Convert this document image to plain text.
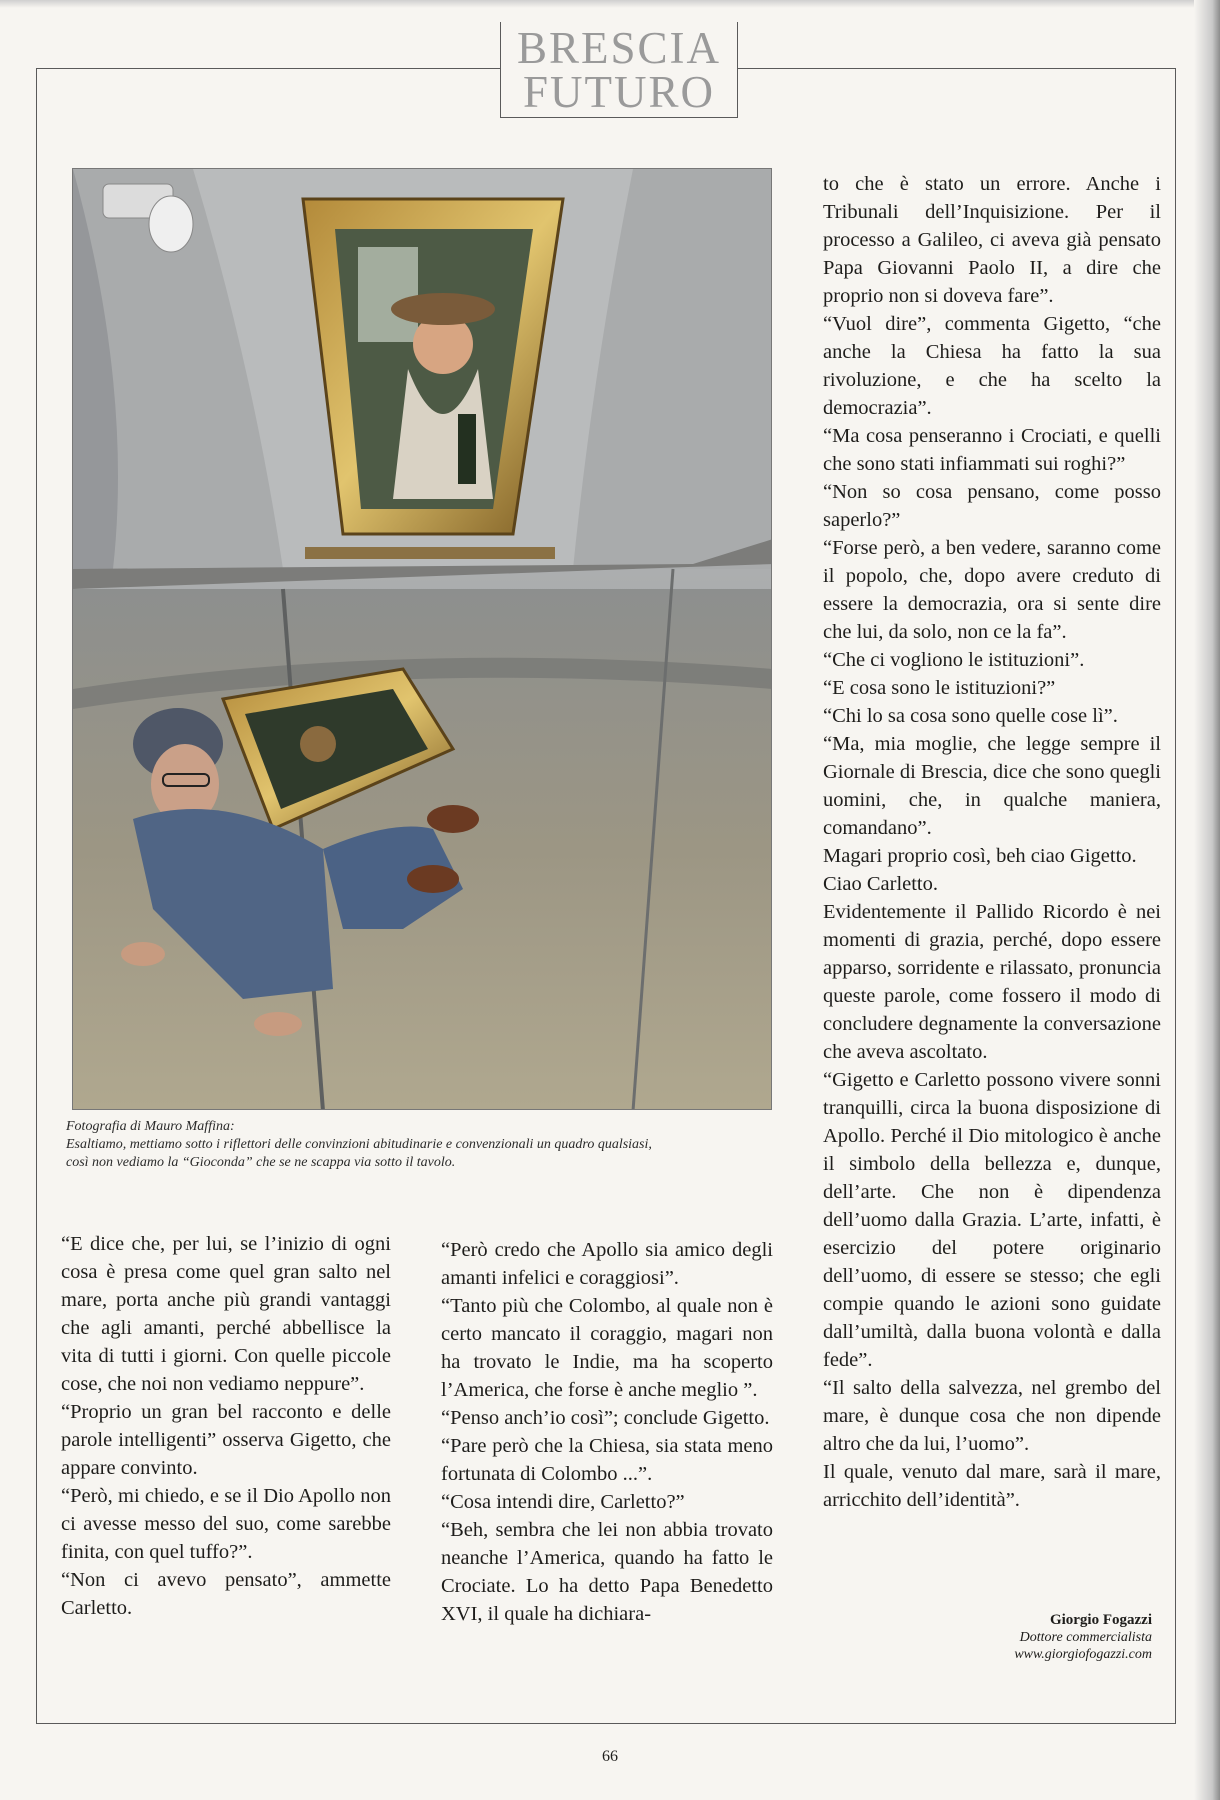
BRESCIA
FUTURO
Fotografia di Mauro Maffina:
Esaltiamo, mettiamo sotto i riflettori delle convinzioni abitudinarie e convenzionali un quadro qualsiasi,
così non vediamo la “Gioconda” che se ne scappa via sotto il tavolo.

“E dice che, per lui, se l’inizio di ogni cosa è presa come quel gran salto nel mare, porta anche più grandi vantaggi che agli amanti, perché abbellisce la vita di tutti i giorni. Con quelle piccole cose, che noi non vediamo neppure”.

“Proprio un gran bel racconto e delle parole intelligenti” osserva Gigetto, che appare convinto.

“Però, mi chiedo, e se il Dio Apollo non ci avesse messo del suo, come sarebbe finita, con quel tuffo?”.

“Non ci avevo pensato”, ammette Carletto.

“Però credo che Apollo sia amico degli amanti infelici e coraggiosi”.

“Tanto più che Colombo, al quale non è certo mancato il coraggio, magari non ha trovato le Indie, ma ha scoperto l’America, che forse è anche meglio ”.

“Penso anch’io così”; conclude Gigetto.

“Pare però che la Chiesa, sia stata meno fortunata di Colombo ...”.

“Cosa intendi dire, Carletto?”

“Beh, sembra che lei non abbia trovato neanche l’America, quando ha fatto le Crociate. Lo ha detto Papa Benedetto XVI, il quale ha dichiara-

to che è stato un errore. Anche i Tribunali dell’Inquisizione. Per il processo a Galileo, ci aveva già pensato Papa Giovanni Paolo II, a dire che proprio non si doveva fare”.

“Vuol dire”, commenta Gigetto, “che anche la Chiesa ha fatto la sua rivoluzione, e che ha scelto la democrazia”.

“Ma cosa penseranno i Crociati, e quelli che sono stati infiammati sui roghi?”

“Non so cosa pensano, come posso saperlo?”

“Forse però, a ben vedere, saranno come il popolo, che, dopo avere creduto di essere la democrazia, ora si sente dire che lui, da solo, non ce la fa”.

“Che ci vogliono le istituzioni”.

“E cosa sono le istituzioni?”

“Chi lo sa cosa sono quelle cose lì”.

“Ma, mia moglie, che legge sempre il Giornale di Brescia, dice che sono quegli uomini, che, in qualche maniera, comandano”.

Magari proprio così, beh ciao Gigetto.

Ciao Carletto.

Evidentemente il Pallido Ricordo è nei momenti di grazia, perché, dopo essere apparso, sorridente e rilassato, pronuncia queste parole, come fossero il modo di concludere degnamente la conversazione che aveva ascoltato.

“Gigetto e Carletto possono vivere sonni tranquilli, circa la buona disposizione di Apollo. Perché il Dio mitologico è anche il simbolo della bellezza e, dunque, dell’arte. Che non è dipendenza dell’uomo dalla Grazia. L’arte, infatti, è esercizio del potere originario dell’uomo, di essere se stesso; che egli compie quando le azioni sono guidate dall’umiltà, dalla buona volontà e dalla fede”.

“Il salto della salvezza, nel grembo del mare, è dunque cosa che non dipende altro che da lui, l’uomo”.

Il quale, venuto dal mare, sarà il mare, arricchito dell’identità”.

Giorgio Fogazzi
Dottore commercialista
www.giorgiofogazzi.com
66
